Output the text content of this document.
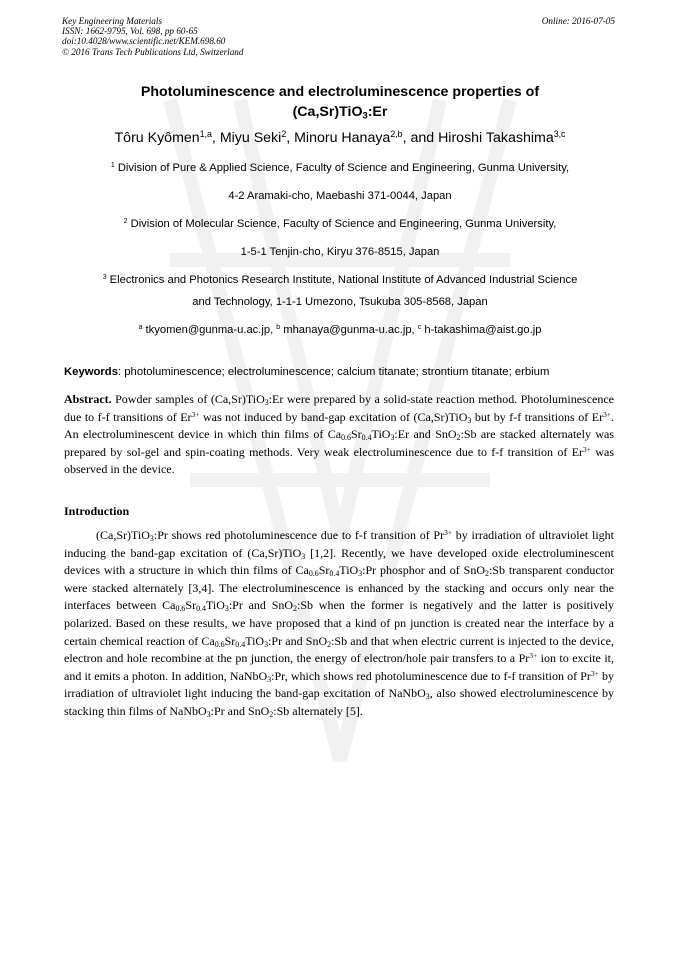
Key Engineering Materials
ISSN: 1662-9795, Vol. 698, pp 60-65
doi:10.4028/www.scientific.net/KEM.698.60
© 2016 Trans Tech Publications Ltd, Switzerland
Online: 2016-07-05
Photoluminescence and electroluminescence properties of
(Ca,Sr)TiO$_3$:Er
Tôru Kyômen$^{1,a}$, Miyu Seki$^2$, Minoru Hanaya$^{2,b}$, and Hiroshi Takashima$^{3,c}$
$^1$ Division of Pure & Applied Science, Faculty of Science and Engineering, Gunma University,
4-2 Aramaki-cho, Maebashi 371-0044, Japan
$^2$ Division of Molecular Science, Faculty of Science and Engineering, Gunma University,
1-5-1 Tenjin-cho, Kiryu 376-8515, Japan
$^3$ Electronics and Photonics Research Institute, National Institute of Advanced Industrial Science
and Technology, 1-1-1 Umezono, Tsukuba 305-8568, Japan
$^a$ tkyomen@gunma-u.ac.jp, $^b$ mhanaya@gunma-u.ac.jp, $^c$ h-takashima@aist.go.jp
Keywords: photoluminescence; electroluminescence; calcium titanate; strontium titanate; erbium
Abstract. Powder samples of (Ca,Sr)TiO$_3$:Er were prepared by a solid-state reaction method. Photoluminescence due to f-f transitions of $Er^{3+}$ was not induced by band-gap excitation of (Ca,Sr)TiO$_3$ but by f-f transitions of $Er^{3+}$. An electroluminescent device in which thin films of $Ca_{0.6}Sr_{0.4}TiO_3:Er$ and SnO$_2$:Sb are stacked alternately was prepared by sol-gel and spin-coating methods. Very weak electroluminescence due to f-f transition of $Er^{3+}$ was observed in the device.
Introduction
(Ca,Sr)TiO$_3$:Pr shows red photoluminescence due to f-f transition of $Pr^{3+}$ by irradiation of ultraviolet light inducing the band-gap excitation of (Ca,Sr)TiO$_3$ [1,2]. Recently, we have developed oxide electroluminescent devices with a structure in which thin films of $Ca_{0.6}Sr_{0.4}TiO_3:Pr$ phosphor and of SnO$_2$:Sb transparent conductor were stacked alternately [3,4]. The electroluminescence is enhanced by the stacking and occurs only near the interfaces between $Ca_{0.6}Sr_{0.4}TiO_3:Pr$ and SnO$_2$:Sb when the former is negatively and the latter is positively polarized. Based on these results, we have proposed that a kind of pn junction is created near the interface by a certain chemical reaction of $Ca_{0.6}Sr_{0.4}TiO_3:Pr$ and SnO$_2$:Sb and that when electric current is injected to the device, electron and hole recombine at the pn junction, the energy of electron/hole pair transfers to a $Pr^{3+}$ ion to excite it, and it emits a photon. In addition, NaNbO$_3$:Pr, which shows red photoluminescence due to f-f transition of $Pr^{3+}$ by irradiation of ultraviolet light inducing the band-gap excitation of NaNbO$_3$, also showed electroluminescence by stacking thin films of NaNbO$_3$:Pr and SnO$_2$:Sb alternately [5].
